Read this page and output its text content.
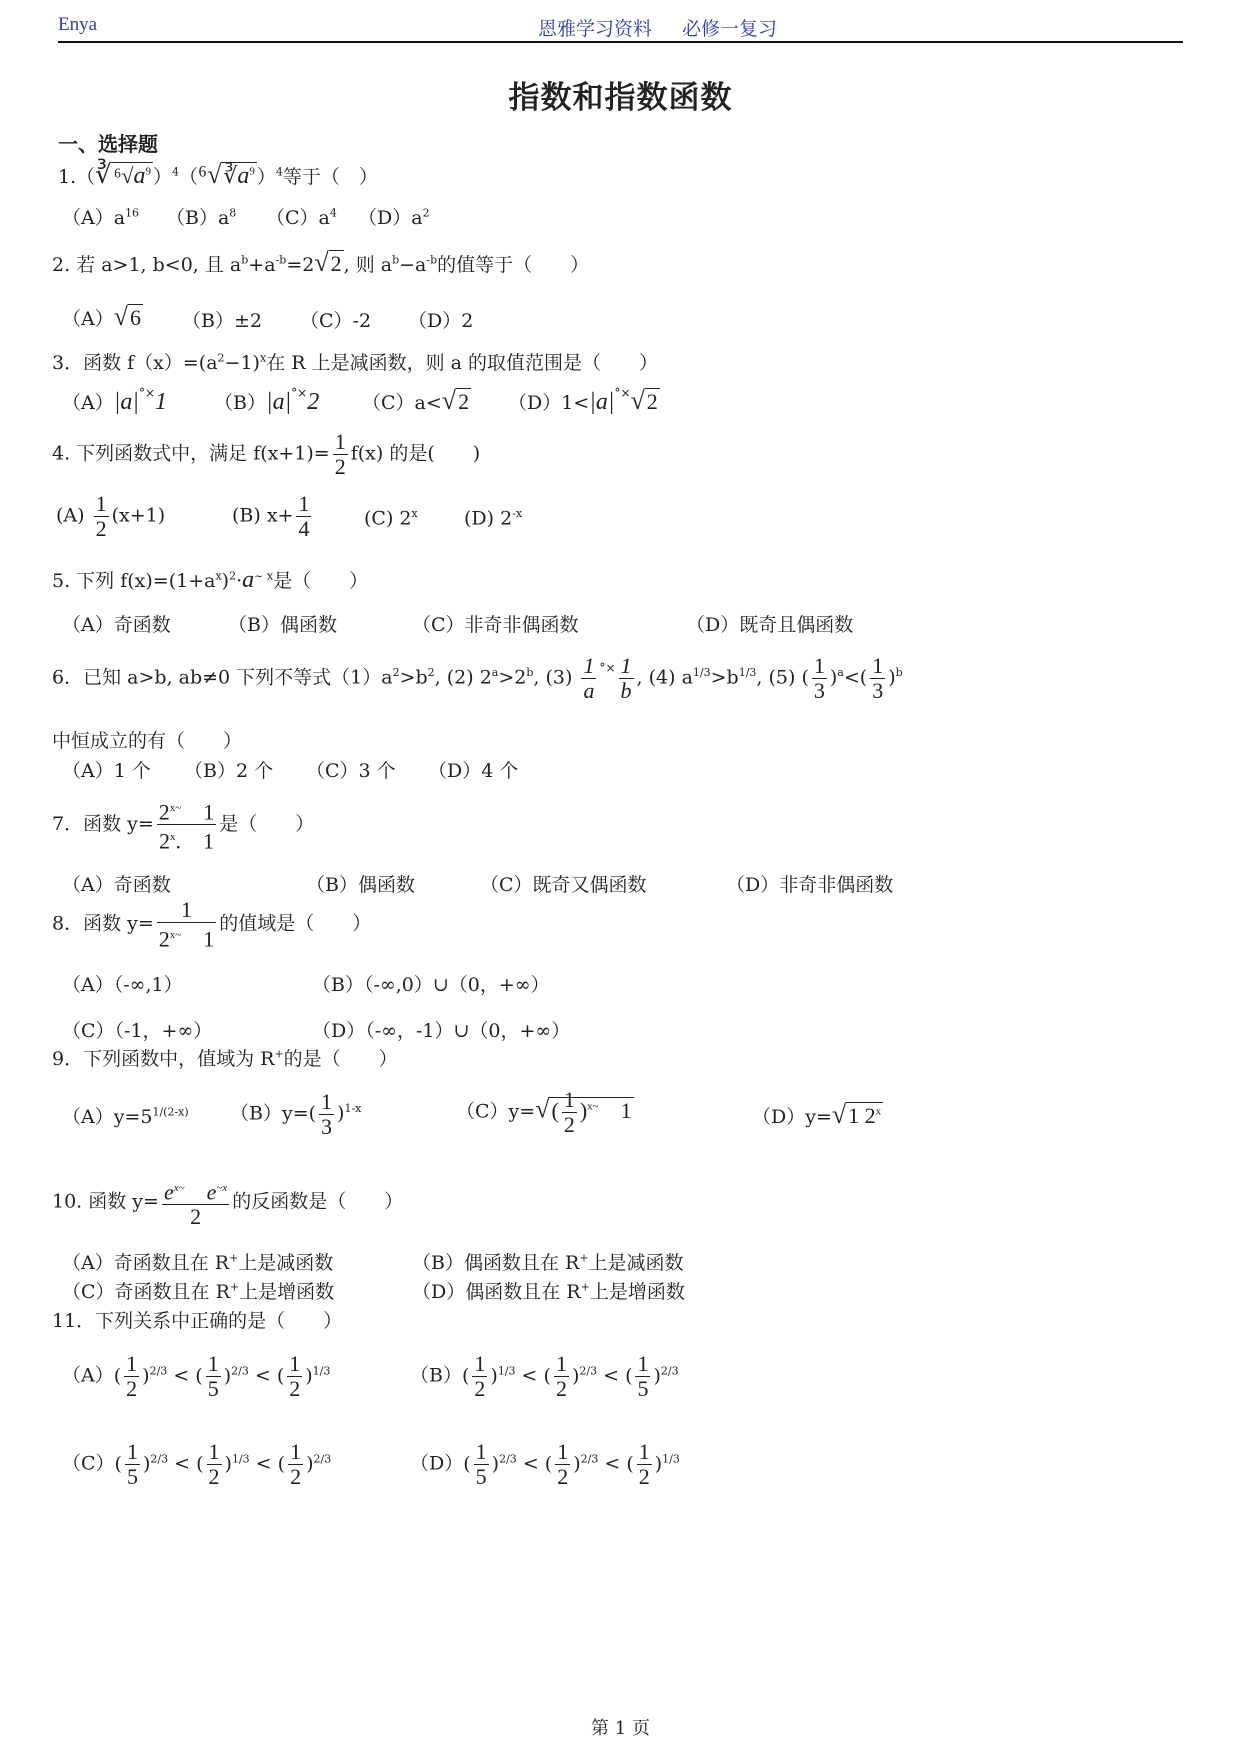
Enya	恩雅学习资料 必修一复习
指数和指数函数
一、选择题
$1.(∛^6√a^9$ ）$^4(^6√∛a^9$ ）$^4$等于（　）
$(A)a^{16}$ $(B)a^8$ $(C)a^4$ $(D)a^2$
2. 若 a>1, b<0, 且 $a^b+a^{-b}=2√2$ , 则 $a^b-a^{-b}$的值等于（　　）
（A）√6 （B）±2 （C）-2 （D）2
3．函数 $f(x)=(a^2-1)^x$在 R 上是减函数，则 a 的取值范围是（　　）
（A）|a|°×1 （B）|a|°×2 （C）a<√2 （D）1<|a|°×√2
4. 下列函数式中，满足 $f(x+1)= \frac{1}{2} f(x)$ 的是(　　)
$(A) \frac{1}{2} (x+1)$	(B) $x+ \frac{1}{4}$	(C) 2$^x$ (D) $2^{-x}$
5. 下列 $f(x)=(1+a^x)^2\cdot a^{\sim x}$是（　　）
（A）奇函数	（B）偶函数	（C）非奇非偶函数	（D）既奇且偶函数
6．已知 a>b, ab≠0 下列不等式$(1)a^2>b^2$, (2) $2^a>2^b$, $(3) \frac{1}{a} ^{^\circ\times} \frac{1}{b}$ , (4) $a^{1/3}>b^{1/3}$, (5) ( $\frac{1}{3} )^a<( \frac{1}{3} )^b$
中恒成立的有（　　）
（A）1 个 （B）2 个 （C）3 个 （D）4 个
7．函数 $y= \frac{2^{x\sim} 1}{2^x. 1}$ 是（　　）
（A）奇函数	（B）偶函数	（C）既奇又偶函数	（D）非奇非偶函数
8．函数 $y= \frac{1}{2^{x\sim} 1}$ 的值域是（　　）
（A）（-∞,1）	（B）（-∞,0）∪（0，+∞）
（C）（-1，+∞）	（D）（-∞，-1）∪（0，+∞）
9．下列函数中，值域为 R+的是（　　）
$(A)y=5^{1/(2-x)}$ $(B)y=( \frac{1}{3} )^{1-x}$	$(C)y=√( \frac{1}{2} )^{x\sim}$　 1	（D）y=√1 2$^x$
10. 函数 $y= \frac{e^{x\sim} e^{\sim x}}{2}$ 的反函数是（　　）
（A）奇函数且在 R+上是减函数	（B）偶函数且在 R+上是减函数
（C）奇函数且在 R+上是增函数	（D）偶函数且在 R+上是增函数
11．下列关系中正确的是（　　）
$(A)( \frac{1}{2} )^{2/3}$ < ( $\frac{1}{5} )^{2/3}$ < ( $\frac{1}{2} )^{1/3}$	$(B)( \frac{1}{2} )^{1/3}$ < ( $\frac{1}{2} )^{2/3}$ < ( $\frac{1}{5} )^{2/3}$
$(C)( \frac{1}{5} )^{2/3}$ < ( $\frac{1}{2} )^{1/3}$ < ( $\frac{1}{2} )^{2/3}$	$(D)( \frac{1}{5} )^{2/3}$ < ( $\frac{1}{2} )^{2/3}$ < ( $\frac{1}{2} )^{1/3}$
第 1 页
